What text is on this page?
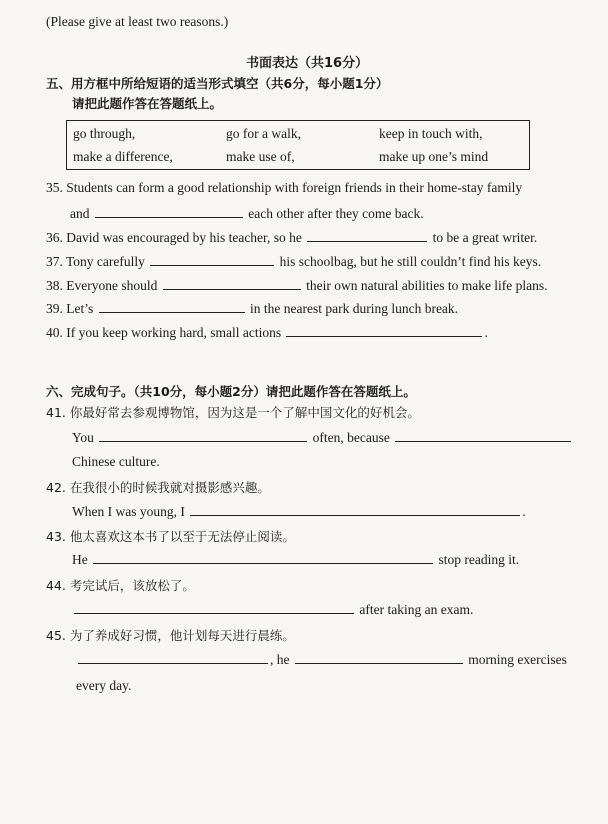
(Please give at least two reasons.)
书面表达（共16分）
五、用方框中所给短语的适当形式填空（共6分，每小题1分）
请把此题作答在答题纸上。
go through,	go for a walk,	keep in touch with,
make a difference,	make use of,	make up one’s mind
35. Students can form a good relationship with foreign friends in their home-stay family
and	each other after they come back.
36. David was encouraged by his teacher, so he	to be a great writer.
37. Tony carefully	his schoolbag, but he still couldn’t find his keys.
38. Everyone should	their own natural abilities to make life plans.
39. Let’s	in the nearest park during lunch break.
40. If you keep working hard, small actions	.
六、完成句子。（共10分，每小题2分）请把此题作答在答题纸上。
41. 你最好常去参观博物馆，因为这是一个了解中国文化的好机会。
You	often, because
Chinese culture.
42. 在我很小的时候我就对摄影感兴趣。
When I was young, I	.
43. 他太喜欢这本书了以至于无法停止阅读。
He	stop reading it.
44. 考完试后，该放松了。
after taking an exam.
45. 为了养成好习惯，他计划每天进行晨练。
, he	morning exercises
every day.
